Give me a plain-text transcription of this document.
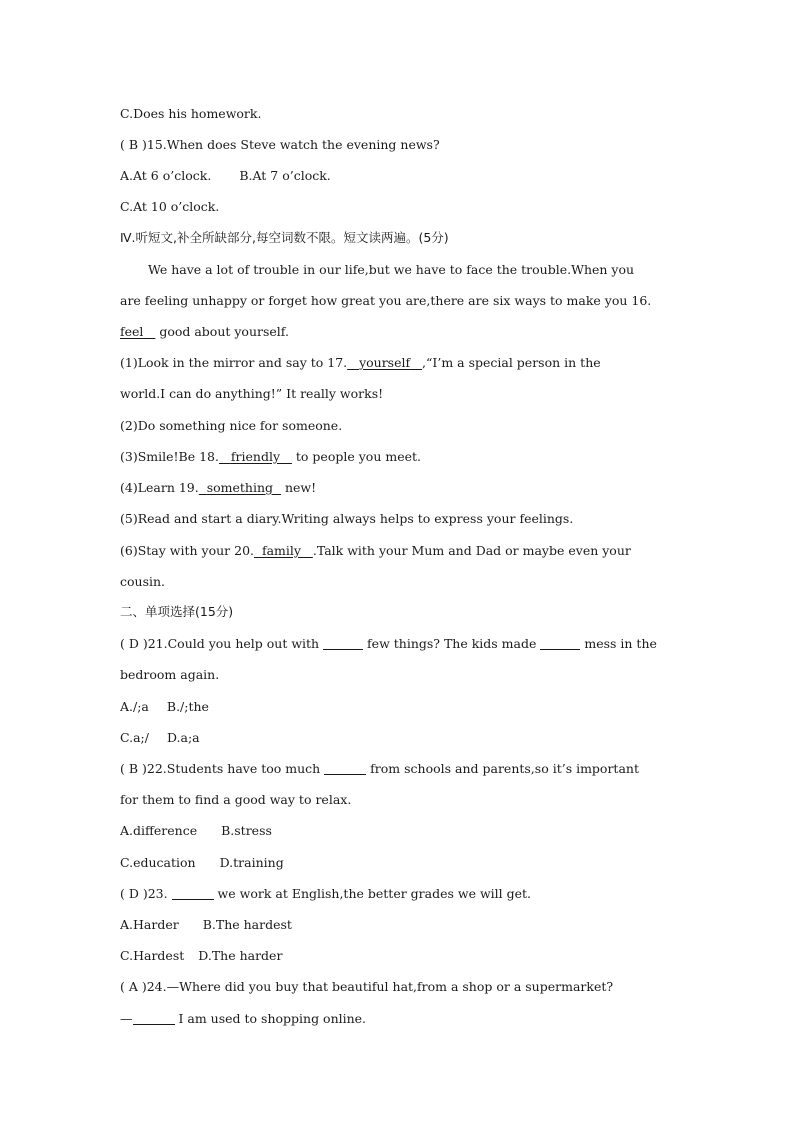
C.Does his homework.
( B )15.When does Steve watch the evening news?
A.At 6 o’clock. B.At 7 o’clock.
C.At 10 o’clock.
Ⅳ.听短文,补全所缺部分,每空词数不限。短文读两遍。(5分)
We have a lot of trouble in our life,but we have to face the trouble.When you
are feeling unhappy or forget how great you are,there are six ways to make you 16.
feel    good about yourself.
(1)Look in the mirror and say to 17. yourself ,“I’m a special person in the
world.I can do anything!” It really works!
(2)Do something nice for someone.
(3)Smile!Be 18. friendly    to people you meet.
(4)Learn 19. something   new!
(5)Read and start a diary.Writing always helps to express your feelings.
(6)Stay with your 20. family .Talk with your Mum and Dad or maybe even your
cousin.
二、单项选择(15分)
( D )21.Could you help out with	few things? The kids made	mess in the
bedroom again.
A./;a B./;the
C.a;/ D.a;a
( B )22.Students have too much	from schools and parents,so it’s important
for them to find a good way to relax.
A.difference B.stress
C.education D.training
( D )23.	we work at English,the better grades we will get.
A.Harder B.The hardest
C.Hardest D.The harder
( A )24.—Where did you buy that beautiful hat,from a shop or a supermarket?
—	I am used to shopping online.
